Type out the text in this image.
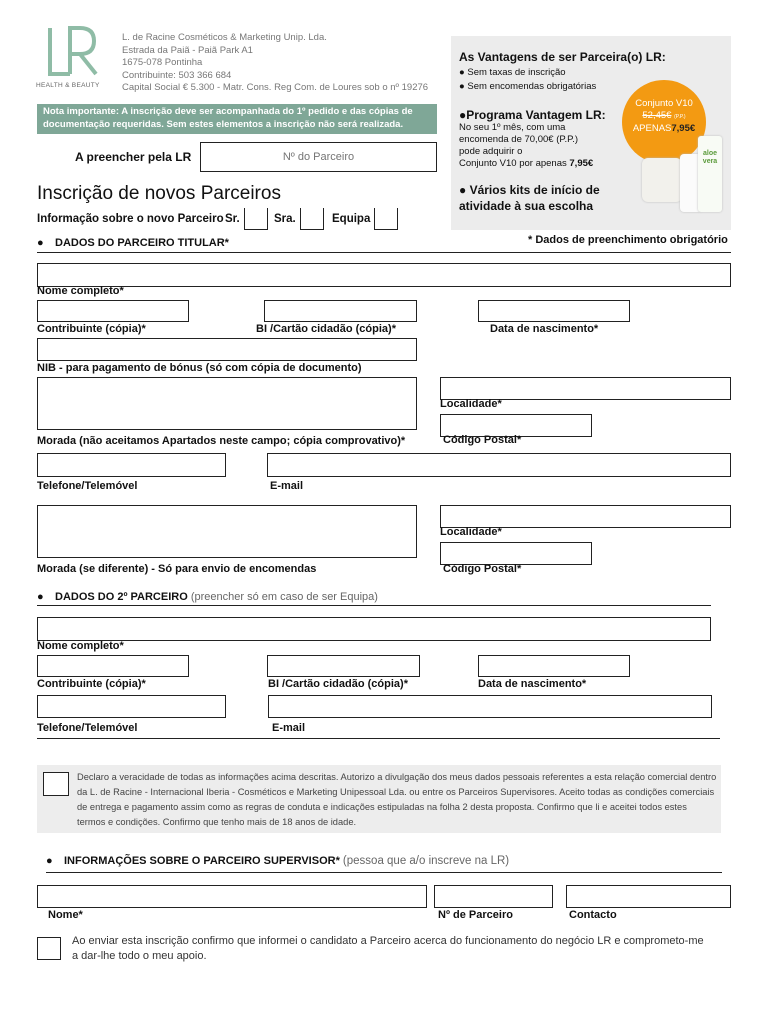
HEALTH & BEAUTY
L. de Racine Cosméticos & Marketing Unip. Lda.
Estrada da Paiã - Paiã Park A1
1675-078 Pontinha
Contribuinte: 503 366 684
Capital Social € 5.300 - Matr. Cons. Reg Com. de Loures sob o nº 19276
Nota importante: A inscrição deve ser acompanhada do 1º pedido e das cópias de documentação requeridas. Sem estes elementos a inscrição não será realizada.
A preencher pela LR
Nº do Parceiro
Inscrição de novos Parceiros
Informação sobre o novo Parceiro Sr.	Sra.	Equipa
As Vantagens de ser Parceira(o) LR:
● Sem taxas de inscrição
● Sem encomendas obrigatórias
●Programa Vantagem LR:
No seu 1º mês, com uma
encomenda de 70,00€ (P.P.)
pode adquirir o
Conjunto V10 por apenas 7,95€
● Vários kits de início de atividade à sua escolha
Conjunto V10
52,45€ (P.P.)
APENAS7,95€
aloe vera
* Dados de preenchimento obrigatório
● DADOS DO PARCEIRO TITULAR*
Nome completo*
Contribuinte (cópia)*	BI /Cartão cidadão (cópia)*	Data de nascimento*
NIB - para pagamento de bónus (só com cópia de documento)
Localidade*
Morada (não aceitamos Apartados neste campo; cópia comprovativo)*	Código Postal*
Telefone/Telemóvel	E-mail
Localidade*
Morada (se diferente) - Só para envio de encomendas	Código Postal*
● DADOS DO 2º PARCEIRO (preencher só em caso de ser Equipa)
Nome completo*
Contribuinte (cópia)*	BI /Cartão cidadão (cópia)*	Data de nascimento*
Telefone/Telemóvel	E-mail
Declaro a veracidade de todas as informações acima descritas. Autorizo a divulgação dos meus dados pessoais referentes a esta relação comercial dentro da L. de Racine - Internacional Iberia - Cosméticos e Marketing Unipessoal Lda. ou entre os Parceiros Supervisores. Aceito todas as condições comerciais de entrega e pagamento assim como as regras de conduta e indicações estipuladas na folha 2 desta proposta. Confirmo que li e aceitei todos estes termos e condições. Confirmo que tenho mais de 18 anos de idade.
● INFORMAÇÕES SOBRE O PARCEIRO SUPERVISOR* (pessoa que a/o inscreve na LR)
Nome*	Nº de Parceiro	Contacto
Ao enviar esta inscrição confirmo que informei o candidato a Parceiro acerca do funcionamento do negócio LR e comprometo-me a dar-lhe todo o meu apoio.
